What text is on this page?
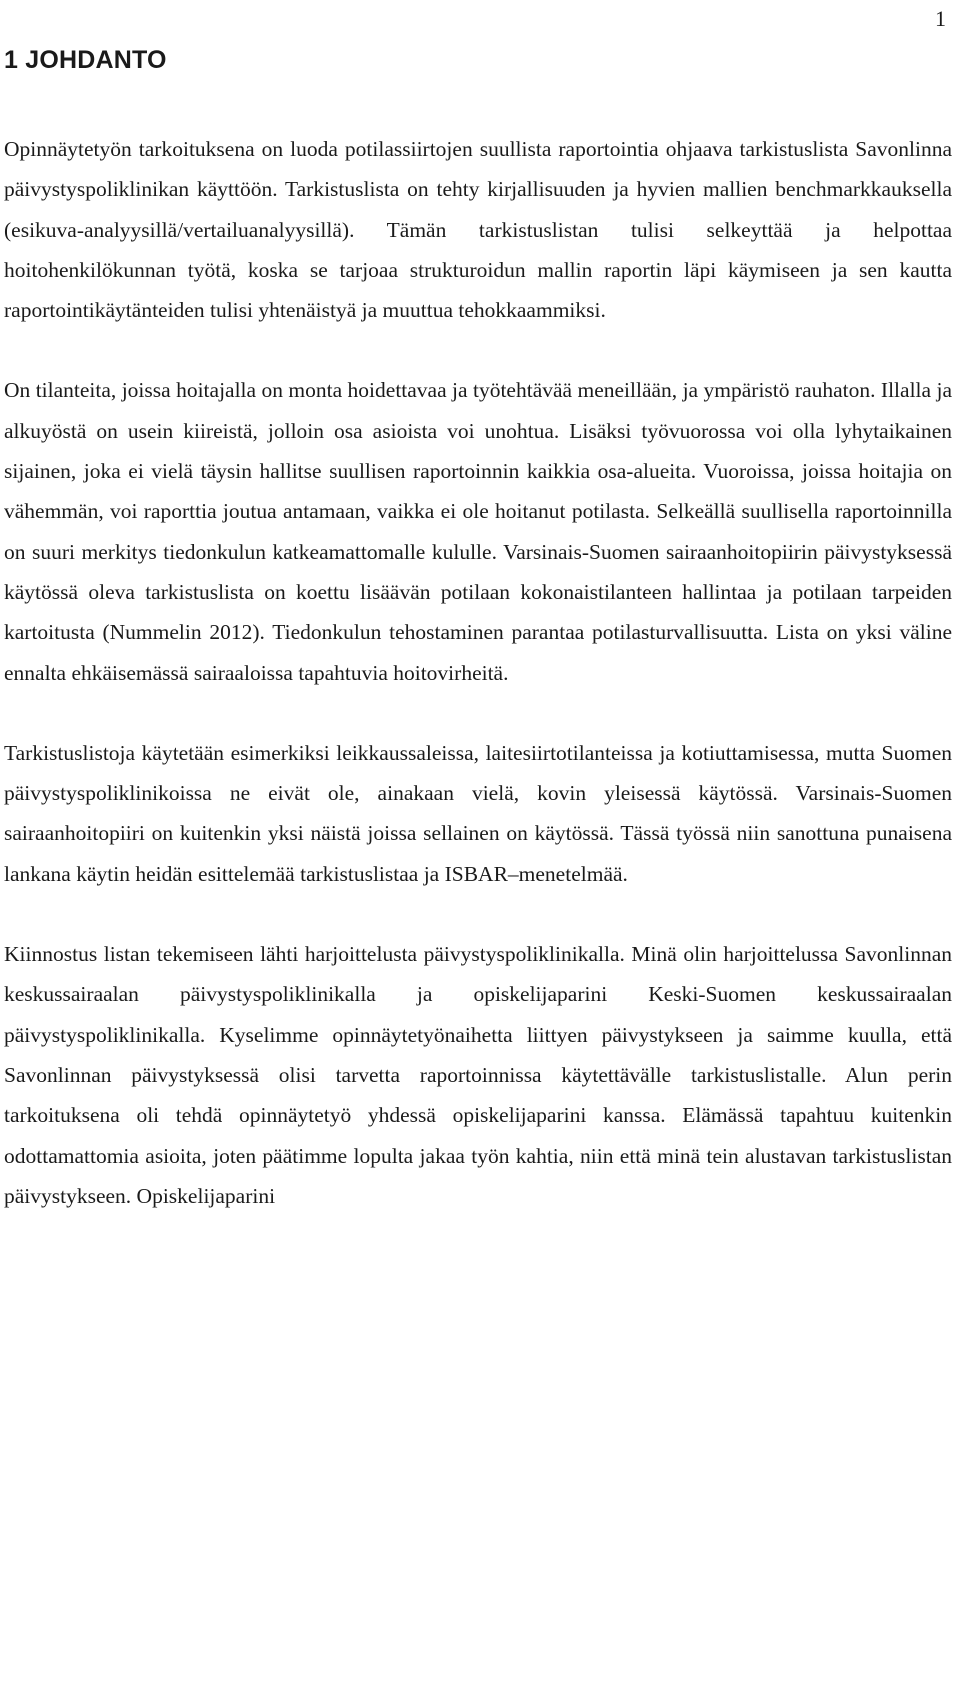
1
1 JOHDANTO

Opinnäytetyön tarkoituksena on luoda potilassiirtojen suullista raportointia ohjaava tarkistuslista Savonlinna päivystyspoliklinikan käyttöön. Tarkistuslista on tehty kirjallisuuden ja hyvien mallien benchmarkkauksella (esikuva-analyysillä/vertailuanalyysillä). Tämän tarkistuslistan tulisi selkeyttää ja helpottaa hoitohenkilökunnan työtä, koska se tarjoaa strukturoidun mallin raportin läpi käymiseen ja sen kautta raportointikäytänteiden tulisi yhtenäistyä ja muuttua tehokkaammiksi.

On tilanteita, joissa hoitajalla on monta hoidettavaa ja työtehtävää meneillään, ja ympäristö rauhaton. Illalla ja alkuyöstä on usein kiireistä, jolloin osa asioista voi unohtua. Lisäksi työvuorossa voi olla lyhytaikainen sijainen, joka ei vielä täysin hallitse suullisen raportoinnin kaikkia osa-alueita. Vuoroissa, joissa hoitajia on vähemmän, voi raporttia joutua antamaan, vaikka ei ole hoitanut potilasta. Selkeällä suullisella raportoinnilla on suuri merkitys tiedonkulun katkeamattomalle kululle. Varsinais-Suomen sairaanhoitopiirin päivystyksessä käytössä oleva tarkistuslista on koettu lisäävän potilaan kokonaistilanteen hallintaa ja potilaan tarpeiden kartoitusta (Nummelin 2012). Tiedonkulun tehostaminen parantaa potilasturvallisuutta. Lista on yksi väline ennalta ehkäisemässä sairaaloissa tapahtuvia hoitovirheitä.

Tarkistuslistoja käytetään esimerkiksi leikkaussaleissa, laitesiirtotilanteissa ja kotiuttamisessa, mutta Suomen päivystyspoliklinikoissa ne eivät ole, ainakaan vielä, kovin yleisessä käytössä. Varsinais-Suomen sairaanhoitopiiri on kuitenkin yksi näistä joissa sellainen on käytössä. Tässä työssä niin sanottuna punaisena lankana käytin heidän esittelemää tarkistuslistaa ja ISBAR–menetelmää.

Kiinnostus listan tekemiseen lähti harjoittelusta päivystyspoliklinikalla. Minä olin harjoittelussa Savonlinnan keskussairaalan päivystyspoliklinikalla ja opiskelijaparini Keski-Suomen keskussairaalan päivystyspoliklinikalla. Kyselimme opinnäytetyönaihetta liittyen päivystykseen ja saimme kuulla, että Savonlinnan päivystyksessä olisi tarvetta raportoinnissa käytettävälle tarkistuslistalle. Alun perin tarkoituksena oli tehdä opinnäytetyö yhdessä opiskelijaparini kanssa. Elämässä tapahtuu kuitenkin odottamattomia asioita, joten päätimme lopulta jakaa työn kahtia, niin että minä tein alustavan tarkistuslistan päivystykseen. Opiskelijaparini
